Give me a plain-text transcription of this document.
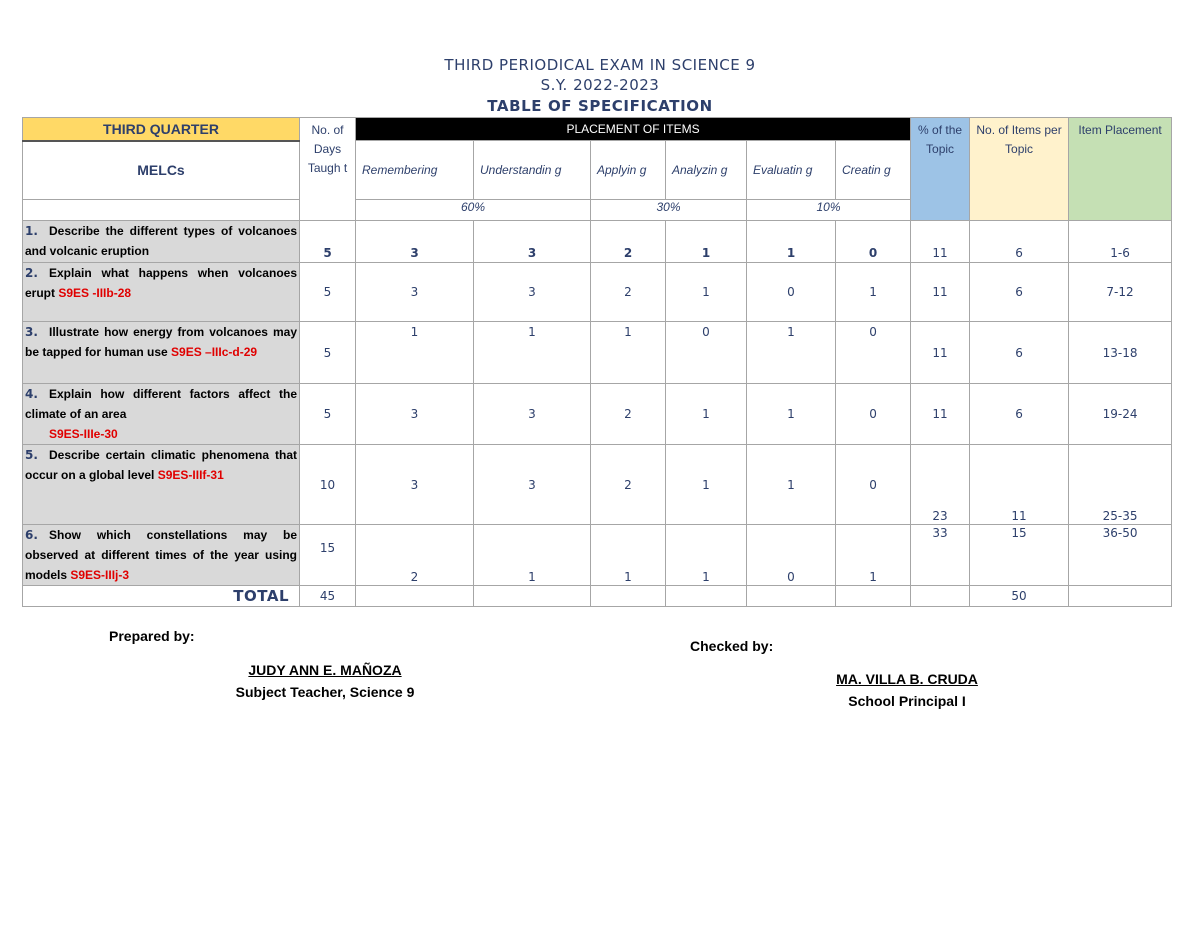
THIRD PERIODICAL EXAM IN SCIENCE 9
S.Y. 2022-2023
TABLE OF SPECIFICATION
THIRD QUARTER	No. of Days Taugh t	PLACEMENT OF ITEMS						% of the Topic	No. of Items per Topic	Item Placement
MELCs		Remembering	Understandin g	Applyin g	Analyzin g	Evaluatin g	Creatin g			
		60%		30%		10%				
1. Describe the different types of volcanoes and volcanic eruption	5	3	3	2	1	1	0	11	6	1-6
2. Explain what happens when volcanoes erupt S9ES -IIIb-28	5	3	3	2	1	0	1	11	6	7-12
3. Illustrate how energy from volcanoes may be tapped for human use S9ES –IIIc-d-29	5	1	1	1	0	1	0	11	6	13-18
4. Explain how different factors affect the climate of an area
S9ES-IIIe-30	5	3	3	2	1	1	0	11	6	19-24
5. Describe certain climatic phenomena that occur on a global level S9ES-IIIf-31	10	3	3	2	1	1	0	23	11	25-35
6. Show which constellations may be observed at different times of the year using models S9ES-IIIj-3	15	2	1	1	1	0	1	33	15	36-50
TOTAL	45								50	
Prepared by:
JUDY ANN E. MAÑOZA
Subject Teacher, Science 9
Checked by:
MA. VILLA B. CRUDA
School Principal I
